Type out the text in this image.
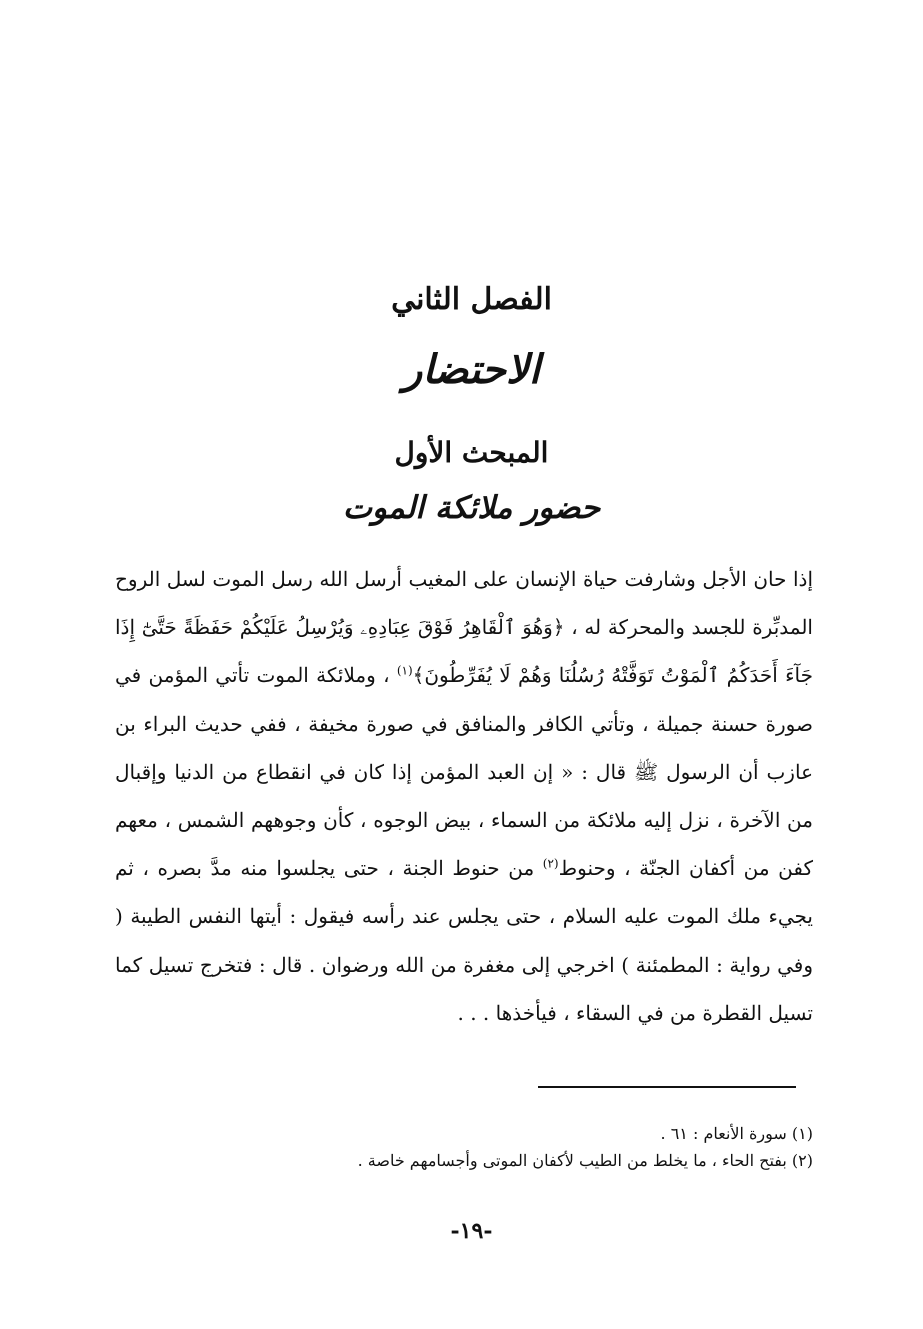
الفصل الثاني
الاحتضار
المبحث الأول
حضور ملائكة الموت

إذا حان الأجل وشارفت حياة الإنسان على المغيب أرسل الله رسل الموت لسل الروح المدبِّرة للجسد والمحركة له ، ﴿وَهُوَ ٱلْقَاهِرُ فَوْقَ عِبَادِهِۦ وَيُرْسِلُ عَلَيْكُمْ حَفَظَةً حَتَّىٰٓ إِذَا جَآءَ أَحَدَكُمُ ٱلْمَوْتُ تَوَفَّتْهُ رُسُلُنَا وَهُمْ لَا يُفَرِّطُونَ﴾$^{(١)}$ ، وملائكة الموت تأتي المؤمن في صورة حسنة جميلة ، وتأتي الكافر والمنافق في صورة مخيفة ، ففي حديث البراء بن عازب أن الرسول ﷺ قال : « إن العبد المؤمن إذا كان في انقطاع من الدنيا وإقبال من الآخرة ، نزل إليه ملائكة من السماء ، بيض الوجوه ، كأن وجوههم الشمس ، معهم كفن من أكفان الجنّة ، وحنوط$^{(٢)}$ من حنوط الجنة ، حتى يجلسوا منه مدَّ بصره ، ثم يجيء ملك الموت عليه السلام ، حتى يجلس عند رأسه فيقول : أيتها النفس الطيبة ( وفي رواية : المطمئنة ) اخرجي إلى مغفرة من الله ورضوان . قال : فتخرج تسيل كما تسيل القطرة من في السقاء ، فيأخذها . . .

(١) سورة الأنعام : ٦١ .
(٢) بفتح الحاء ، ما يخلط من الطيب لأكفان الموتى وأجسامهم خاصة .
-١٩-
